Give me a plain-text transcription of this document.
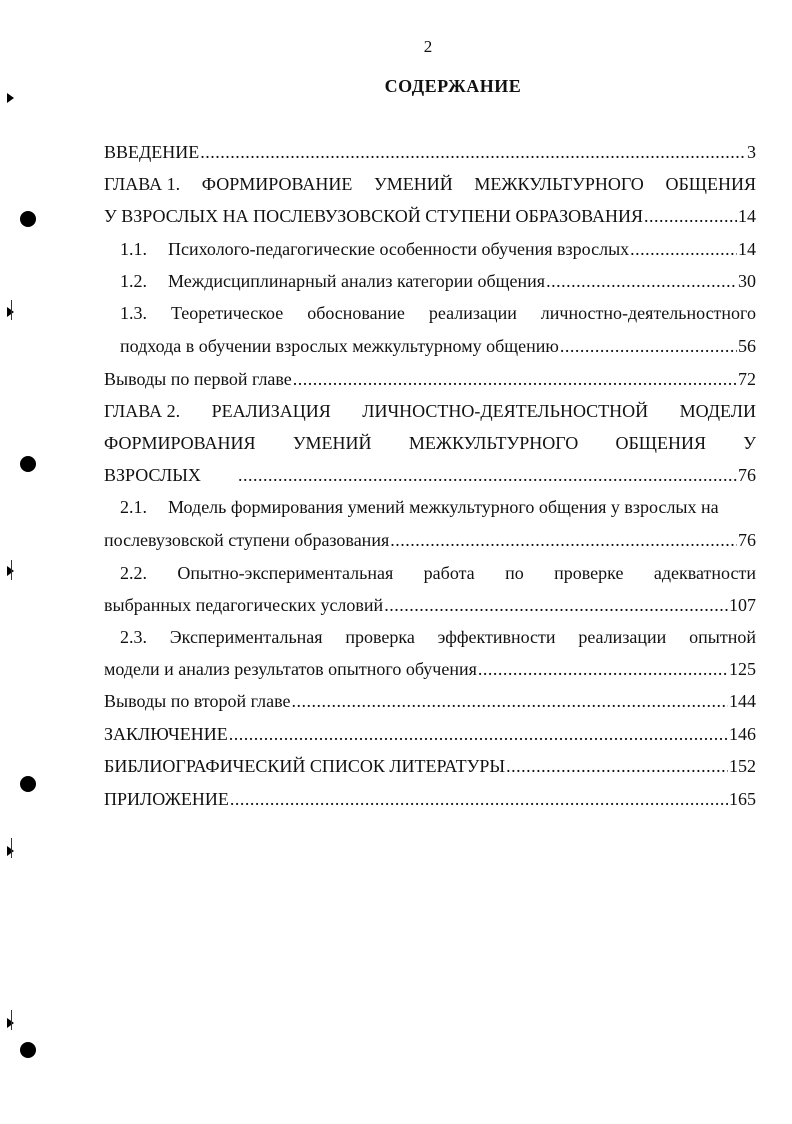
2
СОДЕРЖАНИЕ
ВВЕДЕНИЕ .....	3
ГЛАВА 1. ФОРМИРОВАНИЕ УМЕНИЙ МЕЖКУЛЬТУРНОГО ОБЩЕНИЯ
У ВЗРОСЛЫХ НА ПОСЛЕВУЗОВСКОЙ СТУПЕНИ ОБРАЗОВАНИЯ .....	14
1.1. Психолого-педагогические особенности обучения взрослых .....	14
1.2. Междисциплинарный анализ категории общения .....	30
1.3. Теоретическое обоснование реализации личностно-деятельностного
подхода в обучении взрослых межкультурному общению .....	56
Выводы по первой главе .....	72
ГЛАВА 2. РЕАЛИЗАЦИЯ ЛИЧНОСТНО-ДЕЯТЕЛЬНОСТНОЙ МОДЕЛИ
ФОРМИРОВАНИЯ УМЕНИЙ МЕЖКУЛЬТУРНОГО ОБЩЕНИЯ У
ВЗРОСЛЫХ .....	76
2.1. Модель формирования умений межкультурного общения у взрослых на
послевузовской ступени образования .....	76
2.2. Опытно-экспериментальная работа по проверке адекватности
выбранных педагогических условий .....	107
2.3. Экспериментальная проверка эффективности реализации опытной
модели и анализ результатов опытного обучения .....	125
Выводы по второй главе .....	144
ЗАКЛЮЧЕНИЕ .....	146
БИБЛИОГРАФИЧЕСКИЙ СПИСОК ЛИТЕРАТУРЫ .....	152
ПРИЛОЖЕНИЕ .....	165
